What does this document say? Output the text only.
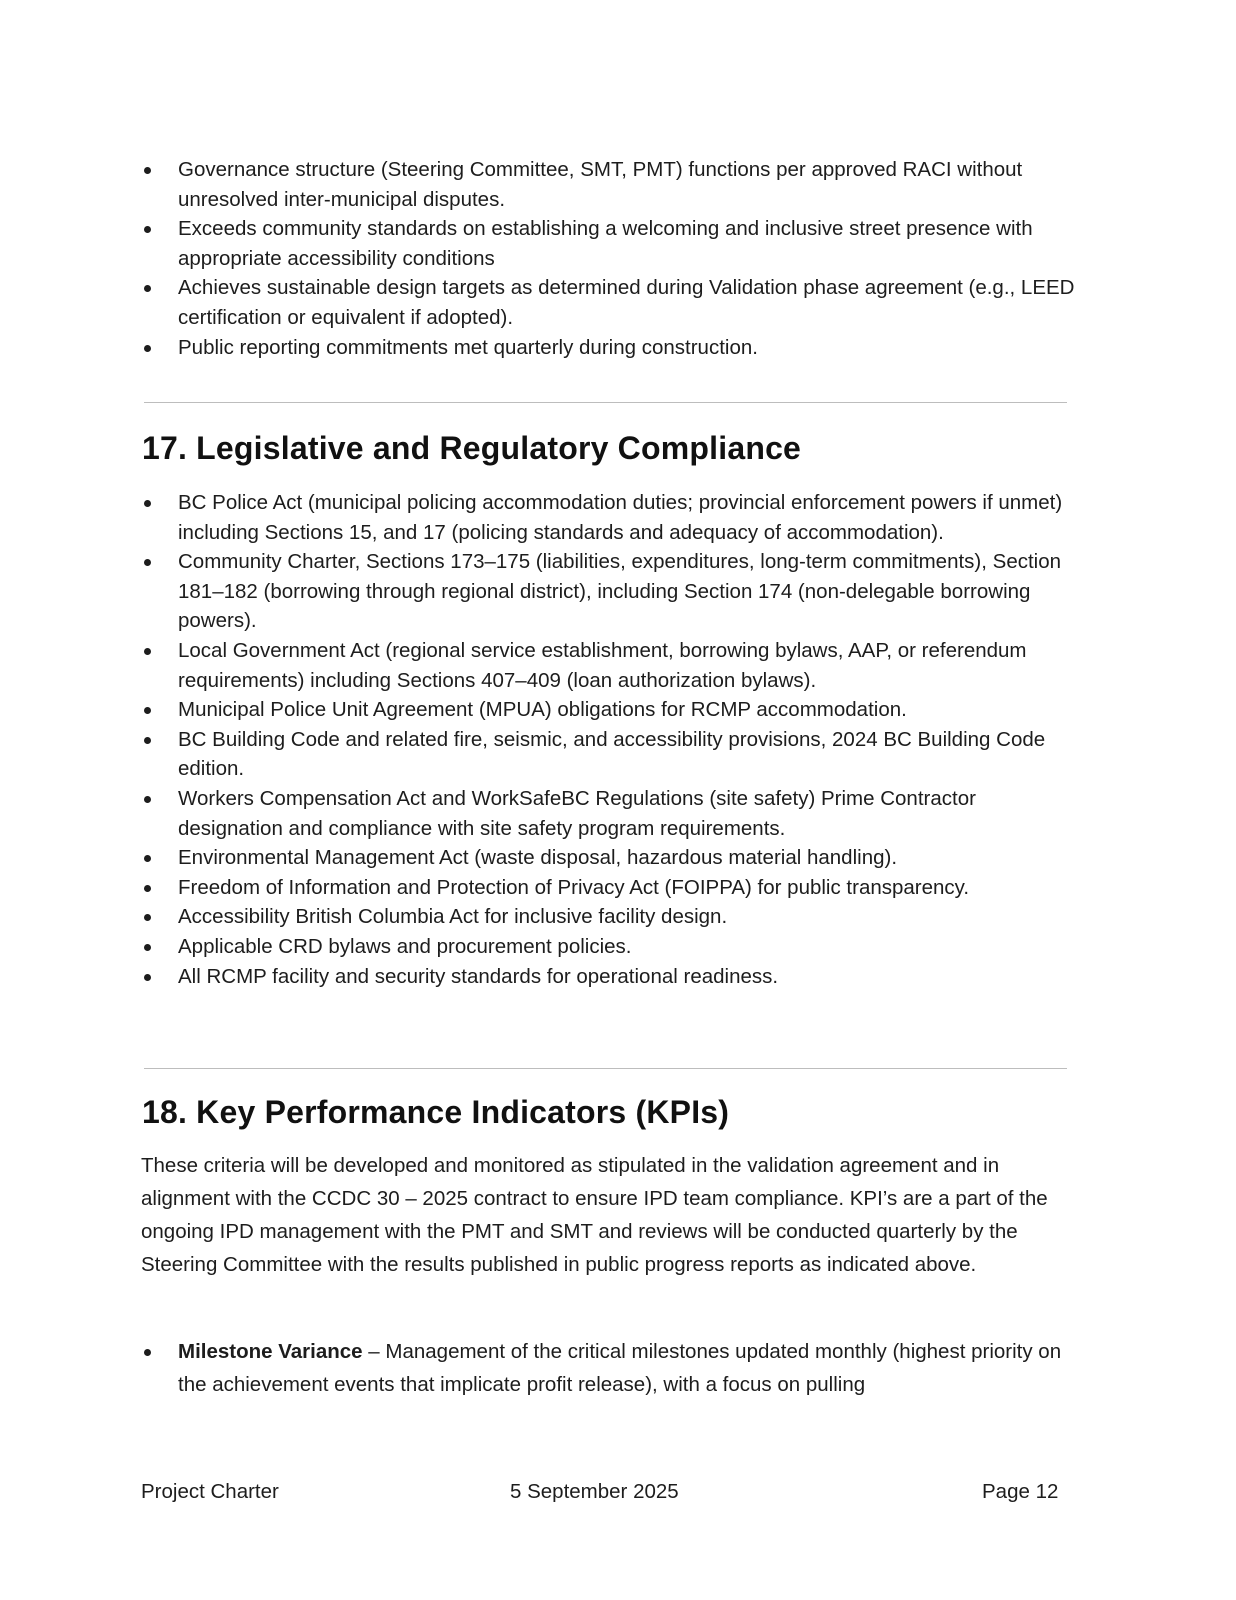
Governance structure (Steering Committee, SMT, PMT) functions per approved RACI without unresolved inter-municipal disputes.
Exceeds community standards on establishing a welcoming and inclusive street presence with appropriate accessibility conditions
Achieves sustainable design targets as determined during Validation phase agreement (e.g., LEED certification or equivalent if adopted).
Public reporting commitments met quarterly during construction.
17. Legislative and Regulatory Compliance
BC Police Act (municipal policing accommodation duties; provincial enforcement powers if unmet) including Sections 15, and 17 (policing standards and adequacy of accommodation).
Community Charter, Sections 173–175 (liabilities, expenditures, long-term commitments), Section 181–182 (borrowing through regional district), including Section 174 (non-delegable borrowing powers).
Local Government Act (regional service establishment, borrowing bylaws, AAP, or referendum requirements) including Sections 407–409 (loan authorization bylaws).
Municipal Police Unit Agreement (MPUA) obligations for RCMP accommodation.
BC Building Code and related fire, seismic, and accessibility provisions, 2024 BC Building Code edition.
Workers Compensation Act and WorkSafeBC Regulations (site safety) Prime Contractor designation and compliance with site safety program requirements.
Environmental Management Act (waste disposal, hazardous material handling).
Freedom of Information and Protection of Privacy Act (FOIPPA) for public transparency.
Accessibility British Columbia Act for inclusive facility design.
Applicable CRD bylaws and procurement policies.
All RCMP facility and security standards for operational readiness.
18. Key Performance Indicators (KPIs)

These criteria will be developed and monitored as stipulated in the validation agreement and in alignment with the CCDC 30 – 2025 contract to ensure IPD team compliance. KPI’s are a part of the ongoing IPD management with the PMT and SMT and reviews will be conducted quarterly by the Steering Committee with the results published in public progress reports as indicated above.

Milestone Variance – Management of the critical milestones updated monthly (highest priority on the achievement events that implicate profit release), with a focus on pulling
Project Charter	5 September 2025	Page 12
